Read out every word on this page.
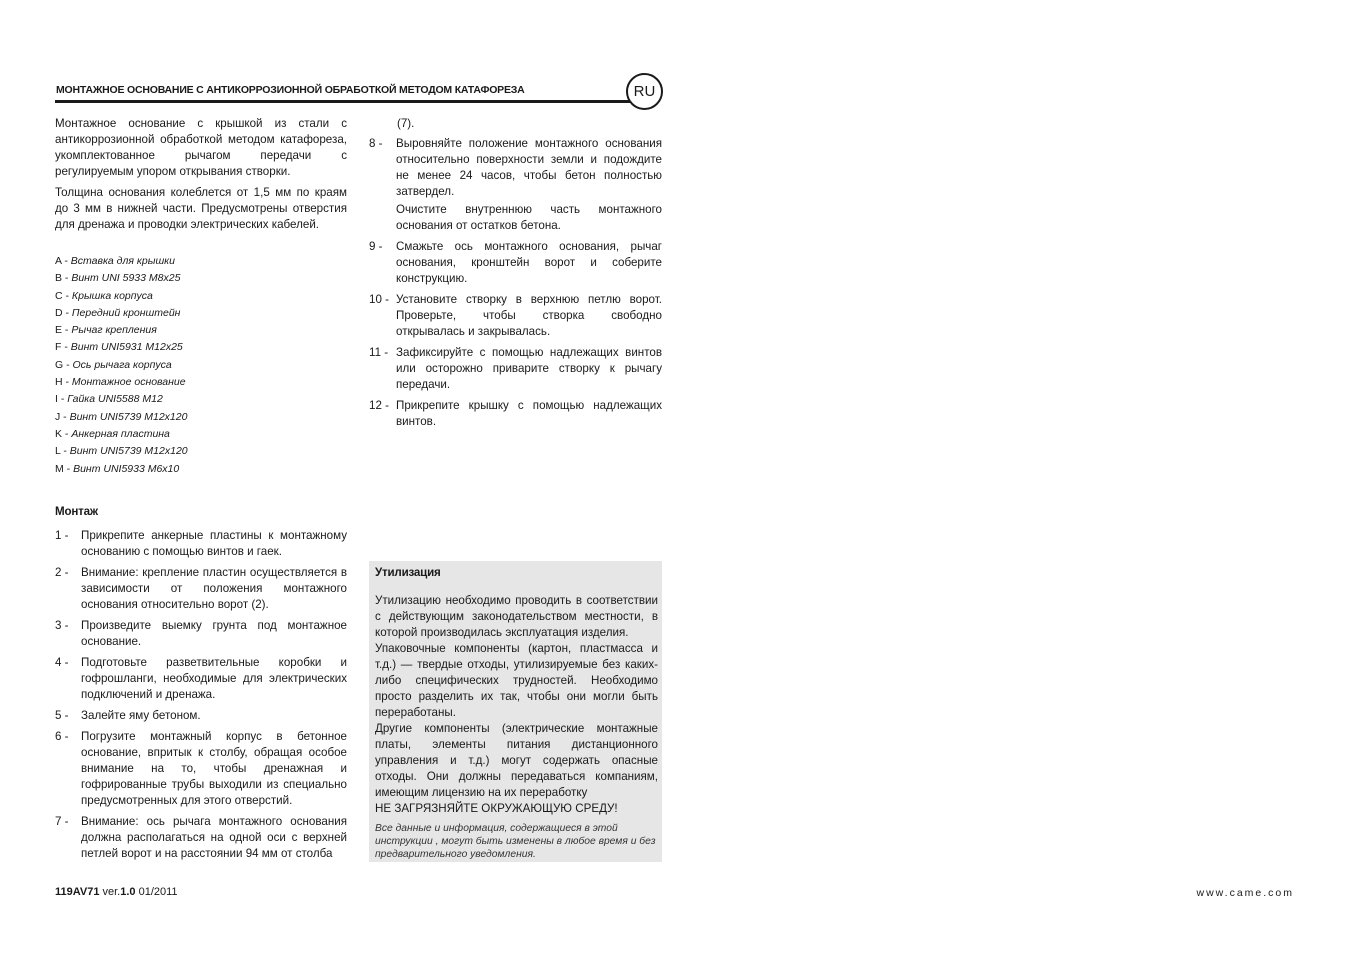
МОНТАЖНОЕ ОСНОВАНИЕ С АНТИКОРРОЗИОННОЙ ОБРАБОТКОЙ МЕТОДОМ КАТАФОРЕЗА	RU

Монтажное основание с крышкой из стали с антикоррозионной обработкой методом катафореза, укомплектованное рычагом передачи с регулируемым упором открывания створки.

Толщина основания колеблется от 1,5 мм по краям до 3 мм в нижней части. Предусмотрены отверстия для дренажа и проводки электрических кабелей.

A - Вставка для крышки
B - Винт UNI 5933 M8x25
C - Крышка корпуса
D - Передний кронштейн
E - Рычаг крепления
F - Винт UNI5931 M12x25
G - Ось рычага корпуса
H - Монтажное основание
I - Гайка UNI5588 M12
J - Винт UNI5739 M12x120
K - Анкерная пластина
L - Винт UNI5739 M12x120
M - Винт UNI5933 M6x10
Монтаж
1 -	Прикрепите анкерные пластины к монтажному основанию с помощью винтов и гаек.
2 -	Внимание: крепление пластин осуществляется в зависимости от положения монтажного основания относительно ворот (2).
3 -	Произведите выемку грунта под монтажное основание.
4 -	Подготовьте разветвительные коробки и гофрошланги, необходимые для электрических подключений и дренажа.
5 -	Залейте яму бетоном.
6 -	Погрузите монтажный корпус в бетонное основание, впритык к столбу, обращая особое внимание на то, чтобы дренажная и гофрированные трубы выходили из специально предусмотренных для этого отверстий.
7 -	Внимание: ось рычага монтажного основания должна располагаться на одной оси с верхней петлей ворот и на расстоянии 94 мм от столба
(7).
8 -	Выровняйте положение монтажного основания относительно поверхности земли и подождите не менее 24 часов, чтобы бетон полностью затвердел.
Очистите внутреннюю часть монтажного основания от остатков бетона.
9 -	Смажьте ось монтажного основания, рычаг основания, кронштейн ворот и соберите конструкцию.
10 - Установите створку в верхнюю петлю ворот. Проверьте, чтобы створка свободно открывалась и закрывалась.
11 - Зафиксируйте с помощью надлежащих винтов или осторожно приварите створку к рычагу передачи.
12 - Прикрепите крышку с помощью надлежащих винтов.
Утилизация

Утилизацию необходимо проводить в соответствии с действующим законодательством местности, в которой производилась эксплуатация изделия.

Упаковочные компоненты (картон, пластмасса и т.д.) — твердые отходы, утилизируемые без каких-либо специфических трудностей. Необходимо просто разделить их так, чтобы они могли быть переработаны.

Другие компоненты (электрические монтажные платы, элементы питания дистанционного управления и т.д.) могут содержать опасные отходы. Они должны передаваться компаниям, имеющим лицензию на их переработку

НЕ ЗАГРЯЗНЯЙТЕ ОКРУЖАЮЩУЮ СРЕДУ!

Все данные и информация, содержащиеся в этой инструкции , могут быть изменены в любое время и без предварительного уведомления.

119AV71 ver.1.0 01/2011	www.came.com
